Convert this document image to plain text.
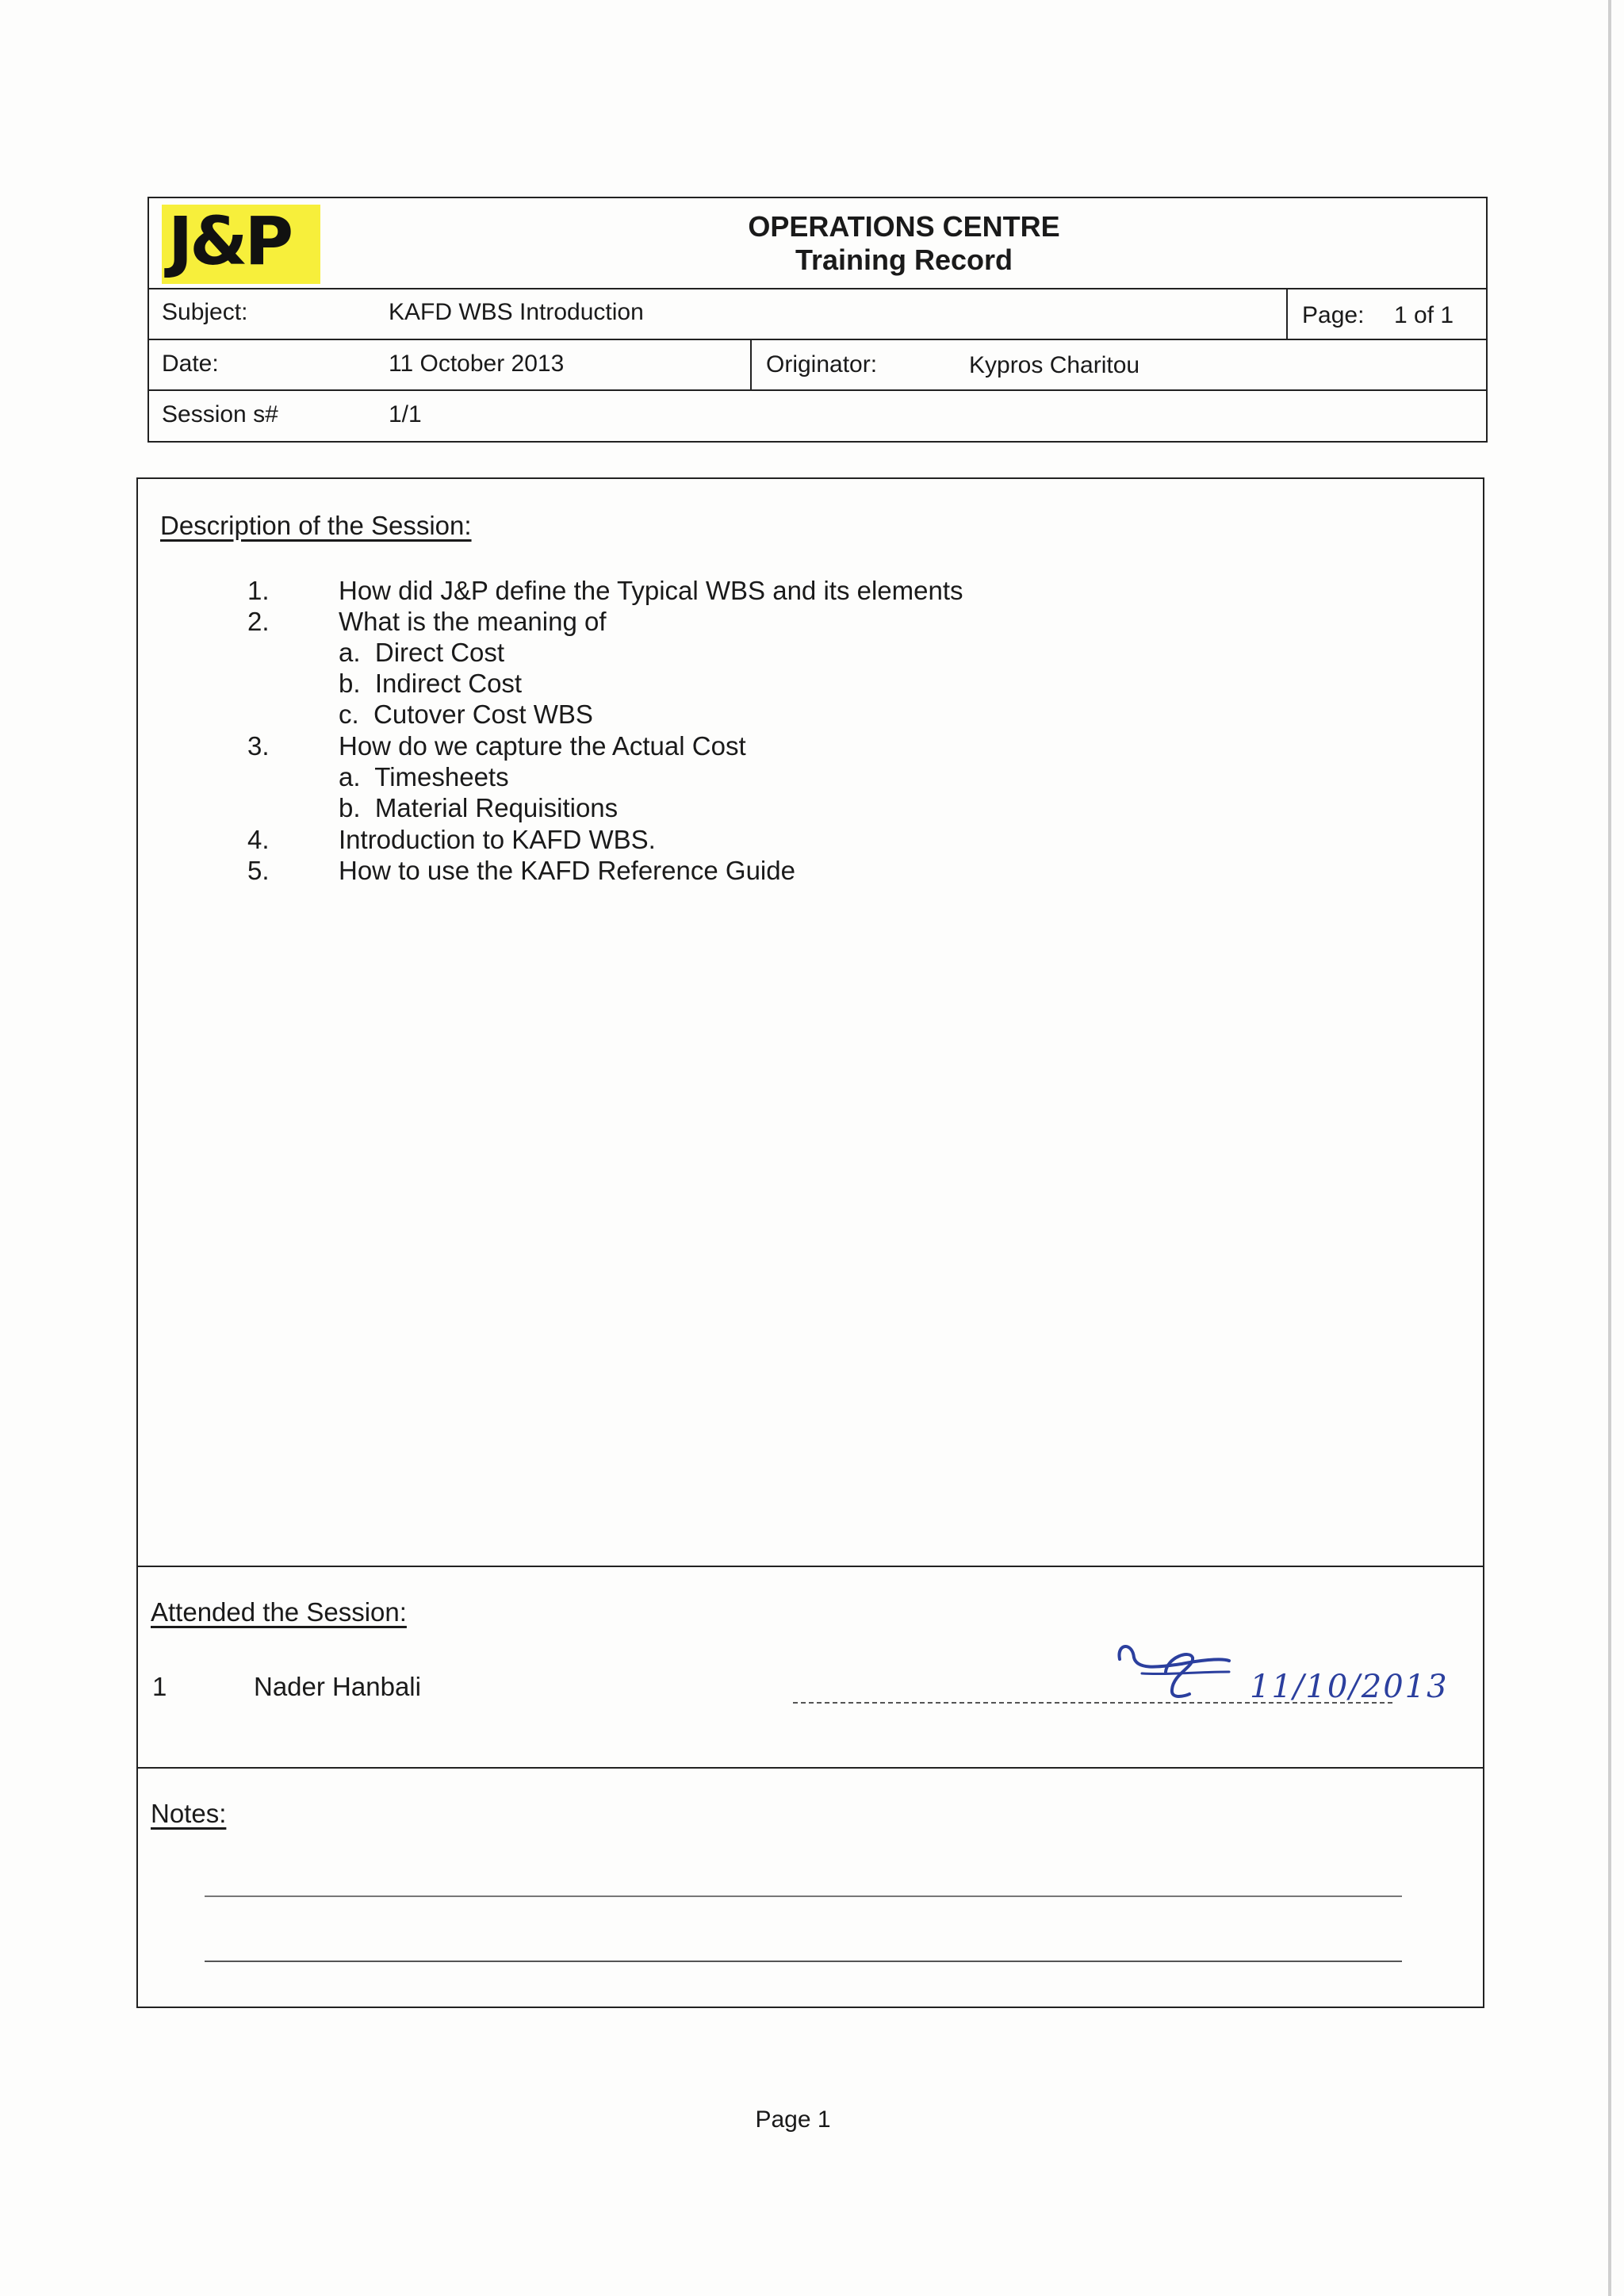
J&P	OPERATIONS CENTRE
Training Record
Subject:	KAFD WBS Introduction	Page: 1 of 1
Date:	11 October 2013	Originator:	Kypros Charitou
Session s#	1/1
Description of the Session:
1.	How did J&P define the Typical WBS and its elements
2.	What is the meaning of
a.  Direct Cost
b.  Indirect Cost
c.  Cutover Cost WBS
3.	How do we capture the Actual Cost
a.  Timesheets
b.  Material Requisitions
4.	Introduction to KAFD WBS.
5.	How to use the KAFD Reference Guide
Attended the Session:
1	Nader Hanbali	11/10/2013
Notes:
Page 1
